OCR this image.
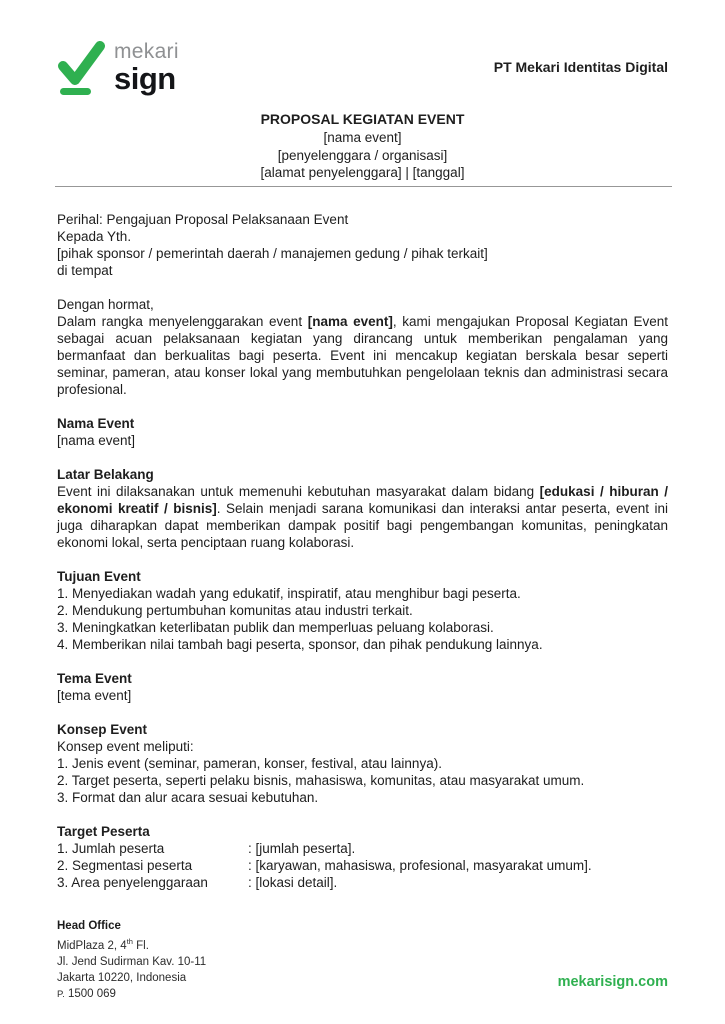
mekari
sign	PT Mekari Identitas Digital
PROPOSAL KEGIATAN EVENT
[nama event]
[penyelenggara / organisasi]
[alamat penyelenggara] | [tanggal]

Perihal: Pengajuan Proposal Pelaksanaan Event

Kepada Yth.

[pihak sponsor / pemerintah daerah / manajemen gedung / pihak terkait]

di tempat

Dengan hormat,

Dalam rangka menyelenggarakan event [nama event], kami mengajukan Proposal Kegiatan Event sebagai acuan pelaksanaan kegiatan yang dirancang untuk memberikan pengalaman yang bermanfaat dan berkualitas bagi peserta. Event ini mencakup kegiatan berskala besar seperti seminar, pameran, atau konser lokal yang membutuhkan pengelolaan teknis dan administrasi secara profesional.

Nama Event

[nama event]

Latar Belakang

Event ini dilaksanakan untuk memenuhi kebutuhan masyarakat dalam bidang [edukasi / hiburan / ekonomi kreatif / bisnis]. Selain menjadi sarana komunikasi dan interaksi antar peserta, event ini juga diharapkan dapat memberikan dampak positif bagi pengembangan komunitas, peningkatan ekonomi lokal, serta penciptaan ruang kolaborasi.

Tujuan Event

1. Menyediakan wadah yang edukatif, inspiratif, atau menghibur bagi peserta.

2. Mendukung pertumbuhan komunitas atau industri terkait.

3. Meningkatkan keterlibatan publik dan memperluas peluang kolaborasi.

4. Memberikan nilai tambah bagi peserta, sponsor, dan pihak pendukung lainnya.

Tema Event

[tema event]

Konsep Event

Konsep event meliputi:

1. Jenis event (seminar, pameran, konser, festival, atau lainnya).

2. Target peserta, seperti pelaku bisnis, mahasiswa, komunitas, atau masyarakat umum.

3. Format dan alur acara sesuai kebutuhan.

Target Peserta

1. Jumlah peserta	: [jumlah peserta].
2. Segmentasi peserta	: [karyawan, mahasiswa, profesional, masyarakat umum].
3. Area penyelenggaraan	: [lokasi detail].
Head Office
MidPlaza 2, 4th Fl.
Jl. Jend Sudirman Kav. 10-11
Jakarta 10220, Indonesia
P. 1500 069
mekarisign.com
